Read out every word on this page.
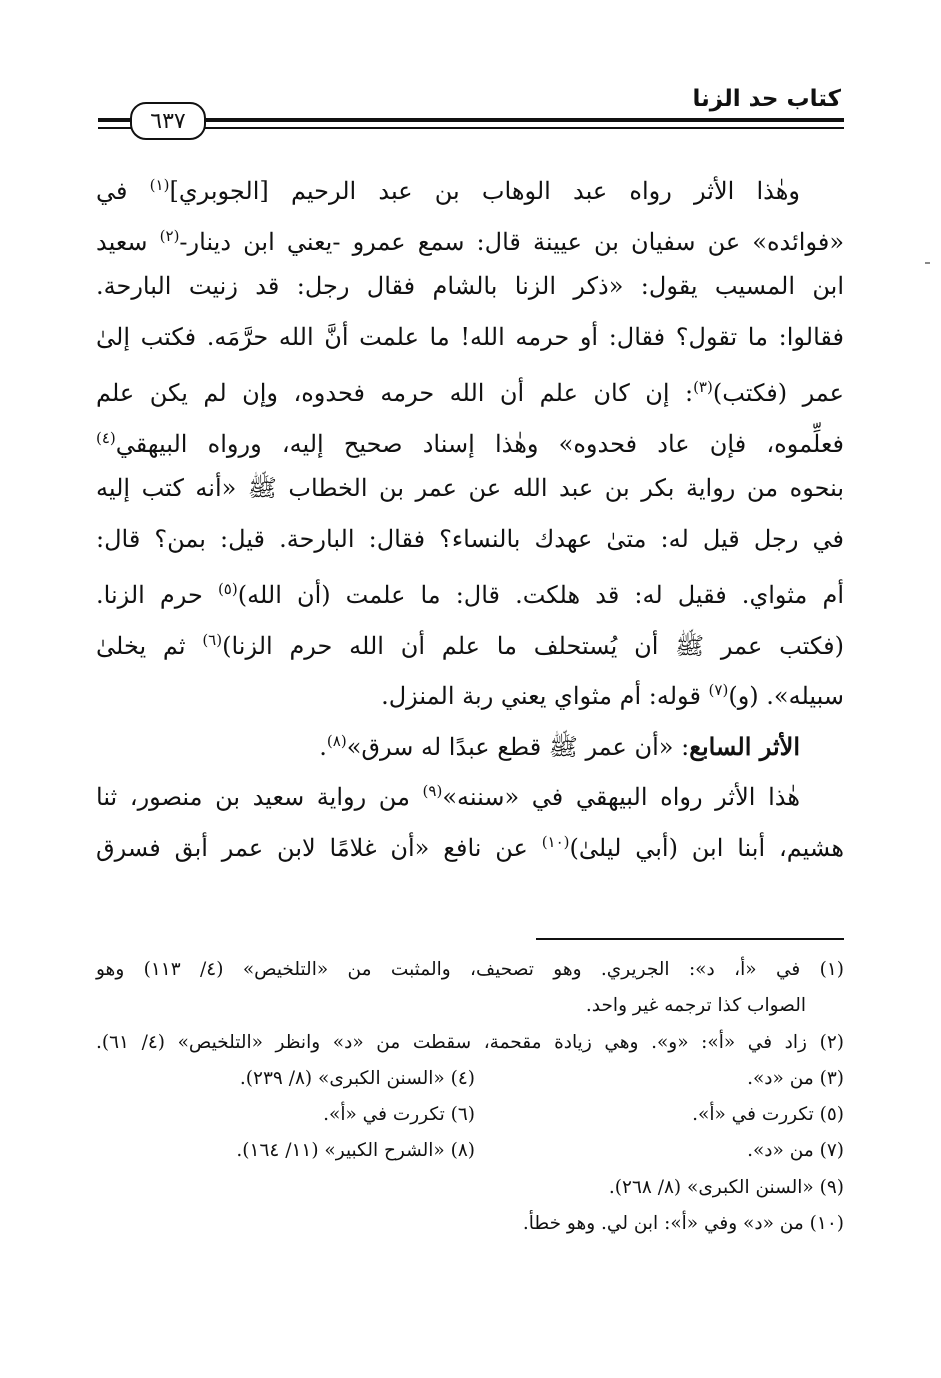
كتاب حد الزنا
٦٣٧
وهٰذا الأثر رواه عبد الوهاب بن عبد الرحيم [الجوبري]$^{(١)}$ في
«فوائده» عن سفيان بن عيينة قال: سمع عمرو -يعني ابن دينار-$^{(٢)}$ سعيد
ابن المسيب يقول: «ذكر الزنا بالشام فقال رجل: قد زنيت البارحة.
فقالوا: ما تقول؟ فقال: أو حرمه الله! ما علمت أنَّ الله حرَّمَه. فكتب إلىٰ
عمر (فكتب)$^{(٣)}$: إن كان علم أن الله حرمه فحدوه، وإن لم يكن علم
فعلِّموه، فإن عاد فحدوه» وهٰذا إسناد صحيح إليه، ورواه البيهقي$^{(٤)}$
بنحوه من رواية بكر بن عبد الله عن عمر بن الخطاب ﷺ «أنه كتب إليه
في رجل قيل له: متىٰ عهدك بالنساء؟ فقال: البارحة. قيل: بمن؟ قال:
أم مثواي. فقيل له: قد هلكت. قال: ما علمت (أن الله)$^{(٥)}$ حرم الزنا.
(فكتب عمر ﷺ أن يُستحلف ما علم أن الله حرم الزنا)$^{(٦)}$ ثم يخلىٰ
سبيله». (و)$^{(٧)}$ قوله: أم مثواي يعني ربة المنزل.
الأثر السابع: «أن عمر ﷺ قطع عبدًا له سرق»$^{(٨)}$.
هٰذا الأثر رواه البيهقي في «سننه»$^{(٩)}$ من رواية سعيد بن منصور، ثنا
هشيم، أبنا ابن (أبي ليلىٰ)$^{(١٠)}$ عن نافع «أن غلامًا لابن عمر أبق فسرق
(١) في «أ، د»: الجريري. وهو تصحيف، والمثبت من «التلخيص» (٤/ ١١٣) وهو
الصواب كذا ترجمه غير واحد.
(٢) زاد في «أ»: «و». وهي زيادة مقحمة، سقطت من «د» وانظر «التلخيص» (٤/ ٦١).
(٣) من «د».
(٤) «السنن الكبرى» (٨/ ٢٣٩).
(٥) تكررت في «أ».
(٦) تكررت في «أ».
(٧) من «د».
(٨) «الشرح الكبير» (١١/ ١٦٤).
(٩) «السنن الكبرى» (٨/ ٢٦٨).
(١٠) من «د» وفي «أ»: ابن لي. وهو خطأ.
